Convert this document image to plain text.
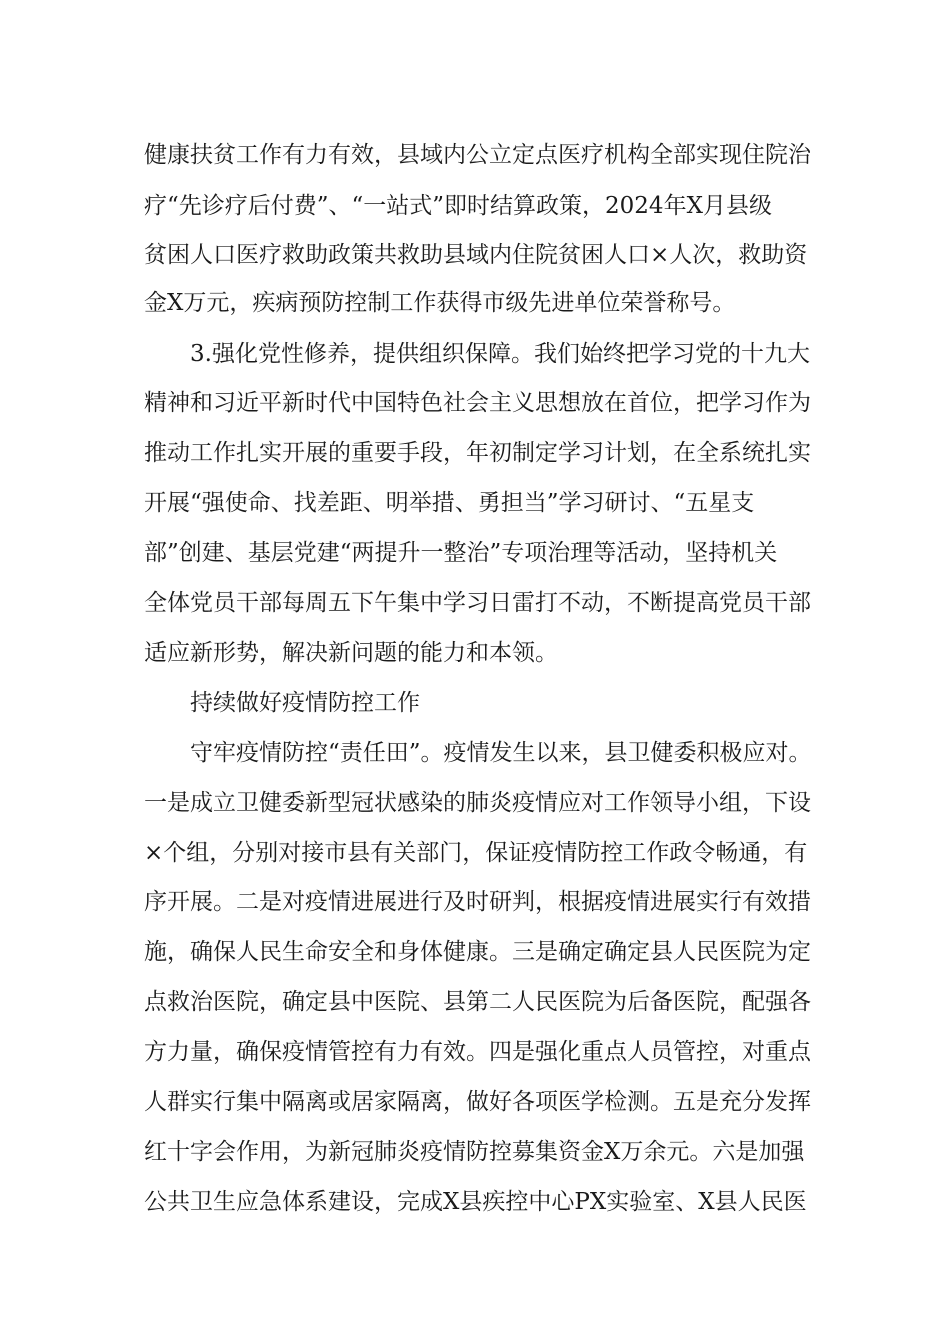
健康扶贫工作有力有效，县域内公立定点医疗机构全部实现住院治
疗“先诊疗后付费”、“一站式”即时结算政策，2024年X月县级
贫困人口医疗救助政策共救助县域内住院贫困人口×人次，救助资
金X万元，疾病预防控制工作获得市级先进单位荣誉称号。
3.强化党性修养，提供组织保障。我们始终把学习党的十九大
精神和习近平新时代中国特色社会主义思想放在首位，把学习作为
推动工作扎实开展的重要手段，年初制定学习计划，在全系统扎实
开展“强使命、找差距、明举措、勇担当”学习研讨、“五星支
部”创建、基层党建“两提升一整治”专项治理等活动，坚持机关
全体党员干部每周五下午集中学习日雷打不动，不断提高党员干部
适应新形势，解决新问题的能力和本领。
持续做好疫情防控工作
守牢疫情防控“责任田”。疫情发生以来，县卫健委积极应对。
一是成立卫健委新型冠状感染的肺炎疫情应对工作领导小组，下设
×个组，分别对接市县有关部门，保证疫情防控工作政令畅通，有
序开展。二是对疫情进展进行及时研判，根据疫情进展实行有效措
施，确保人民生命安全和身体健康。三是确定确定县人民医院为定
点救治医院，确定县中医院、县第二人民医院为后备医院，配强各
方力量，确保疫情管控有力有效。四是强化重点人员管控，对重点
人群实行集中隔离或居家隔离，做好各项医学检测。五是充分发挥
红十字会作用，为新冠肺炎疫情防控募集资金X万余元。六是加强
公共卫生应急体系建设，完成X县疾控中心PX实验室、X县人民医
